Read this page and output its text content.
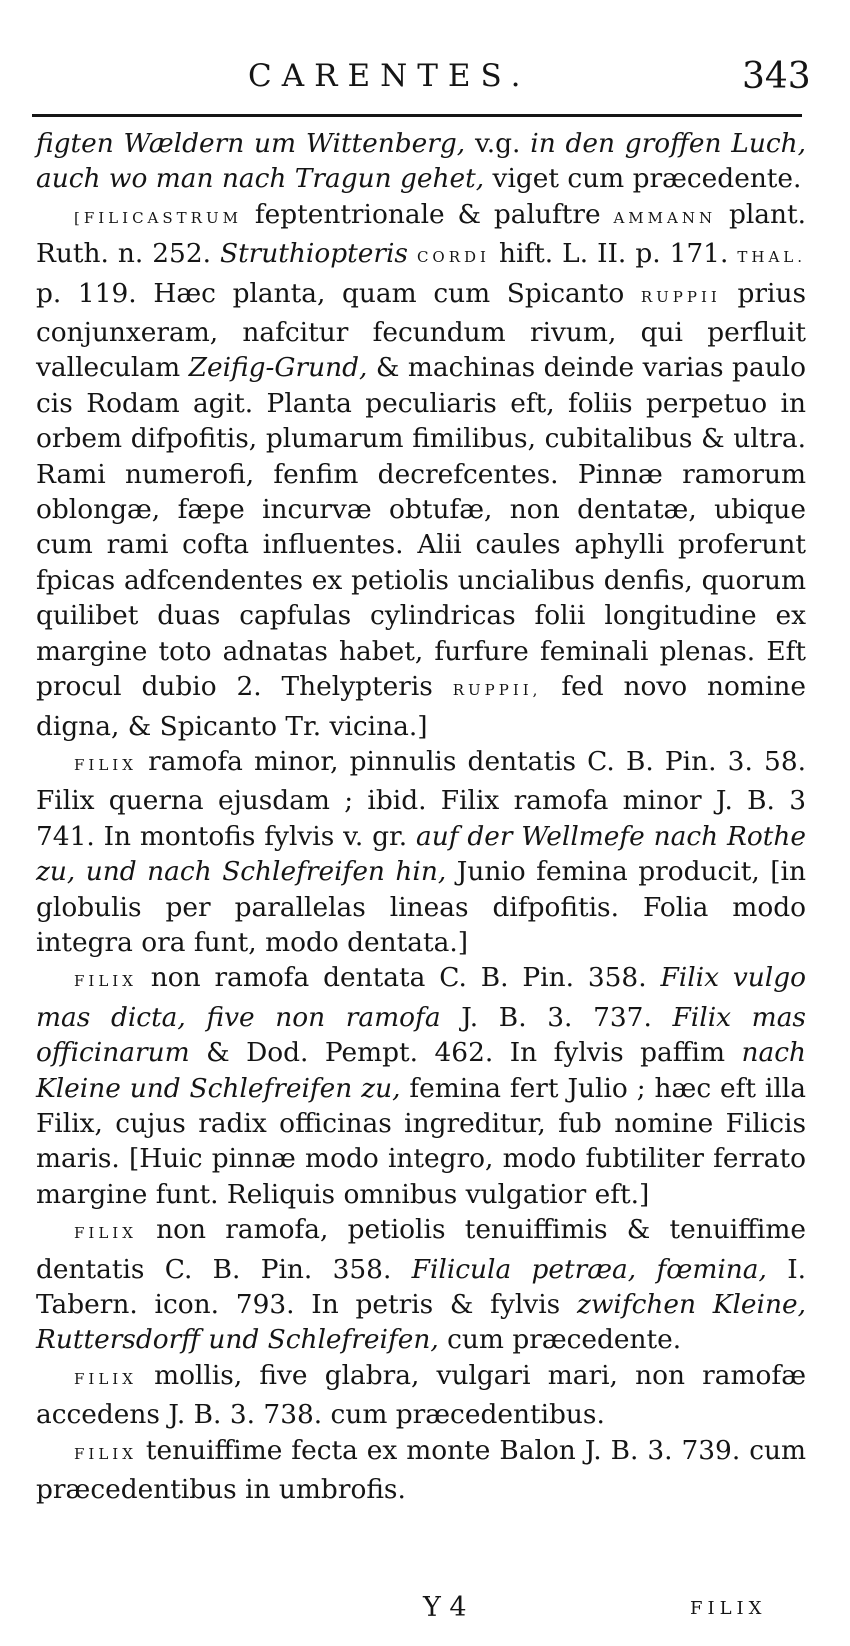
CARENTES.	343

figten Wældern um Wittenberg, v.g. in den groffen Luch, auch wo man nach Tragun gehet, viget cum præcedente.

[FILICASTRUM feptentrionale & paluftre AMMANN plant. Ruth. n. 252. Struthiopteris CORDI hift. L. II. p. 171. THAL. p. 119. Hæc planta, quam cum Spicanto RUPPII prius conjunxeram, nafcitur fecundum rivum, qui perfluit valleculam Zeifig-Grund, & machinas deinde varias paulo cis Rodam agit. Planta peculiaris eft, foliis perpetuo in orbem difpofitis, plumarum fimilibus, cubitalibus & ultra. Rami numerofi, fenfim decrefcentes. Pinnæ ramorum oblongæ, fæpe incurvæ obtufæ, non dentatæ, ubique cum rami cofta influentes. Alii caules aphylli proferunt fpicas adfcendentes ex petiolis uncialibus denfis, quorum quilibet duas capfulas cylindricas folii longitudine ex margine toto adnatas habet, furfure feminali plenas. Eft procul dubio 2. Thelypteris RUPPII, fed novo nomine digna, & Spicanto Tr. vicina.]

FILIX ramofa minor, pinnulis dentatis C. B. Pin. 3. 58. Filix querna ejusdam ; ibid. Filix ramofa minor J. B. 3 741. In montofis fylvis v. gr. auf der Wellmefe nach Rothe zu, und nach Schlefreifen hin, Junio femina producit, [in globulis per parallelas lineas difpofitis. Folia modo integra ora funt, modo dentata.]

FILIX non ramofa dentata C. B. Pin. 358. Filix vulgo mas dicta, five non ramofa J. B. 3. 737. Filix mas officinarum & Dod. Pempt. 462. In fylvis paffim nach Kleine und Schlefreifen zu, femina fert Julio ; hæc eft illa Filix, cujus radix officinas ingreditur, fub nomine Filicis maris. [Huic pinnæ modo integro, modo fubtiliter ferrato margine funt. Reliquis omnibus vulgatior eft.]

FILIX non ramofa, petiolis tenuiffimis & tenuiffime dentatis C. B. Pin. 358. Filicula petræa, fœmina, I. Tabern. icon. 793. In petris & fylvis zwifchen Kleine, Ruttersdorff und Schlefreifen, cum præcedente.

FILIX mollis, five glabra, vulgari mari, non ramofæ accedens J. B. 3. 738. cum præcedentibus.

FILIX tenuiffime fecta ex monte Balon J. B. 3. 739. cum præcedentibus in umbrofis.

Y 4	FILIX
